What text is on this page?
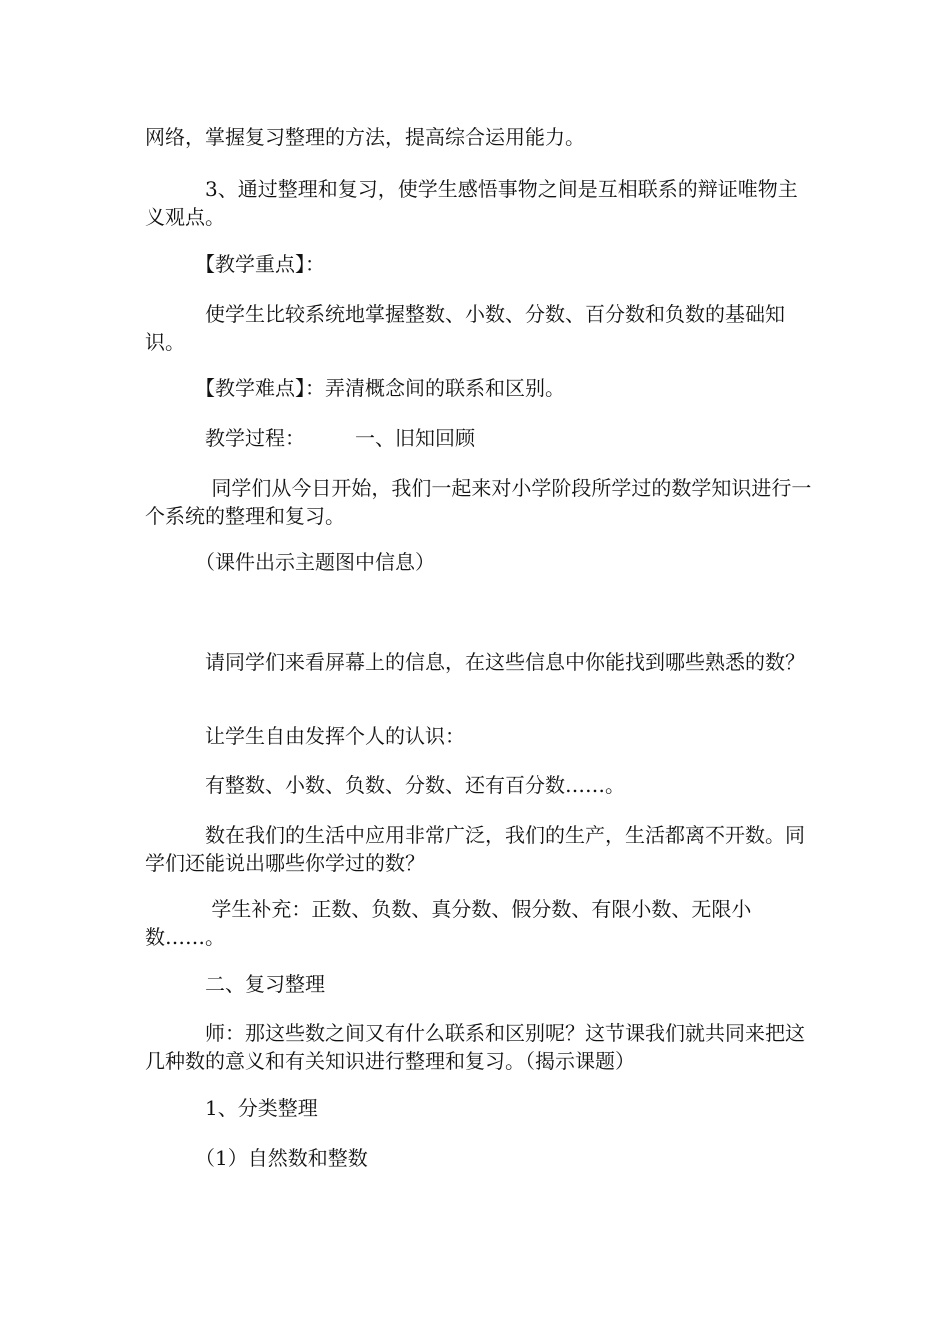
网络，掌握复习整理的方法，提高综合运用能力。

　　　3、通过整理和复习，使学生感悟事物之间是互相联系的辩证唯物主义观点。

　　　【教学重点】：

　　　使学生比较系统地掌握整数、小数、分数、百分数和负数的基础知识。

　　　【教学难点】：弄清概念间的联系和区别。

　　　教学过程：　　　一、旧知回顾

　　　 同学们从今日开始，我们一起来对小学阶段所学过的数学知识进行一个系统的整理和复习。

　　　（课件出示主题图中信息）

　　　请同学们来看屏幕上的信息，在这些信息中你能找到哪些熟悉的数？

　　　让学生自由发挥个人的认识：

　　　有整数、小数、负数、分数、还有百分数……。

　　　数在我们的生活中应用非常广泛，我们的生产，生活都离不开数。同学们还能说出哪些你学过的数？

　　　 学生补充：正数、负数、真分数、假分数、有限小数、无限小数……。

　　　二、复习整理

　　　师：那这些数之间又有什么联系和区别呢？这节课我们就共同来把这几种数的意义和有关知识进行整理和复习。（揭示课题）

　　　1、分类整理

　　　（1）自然数和整数
